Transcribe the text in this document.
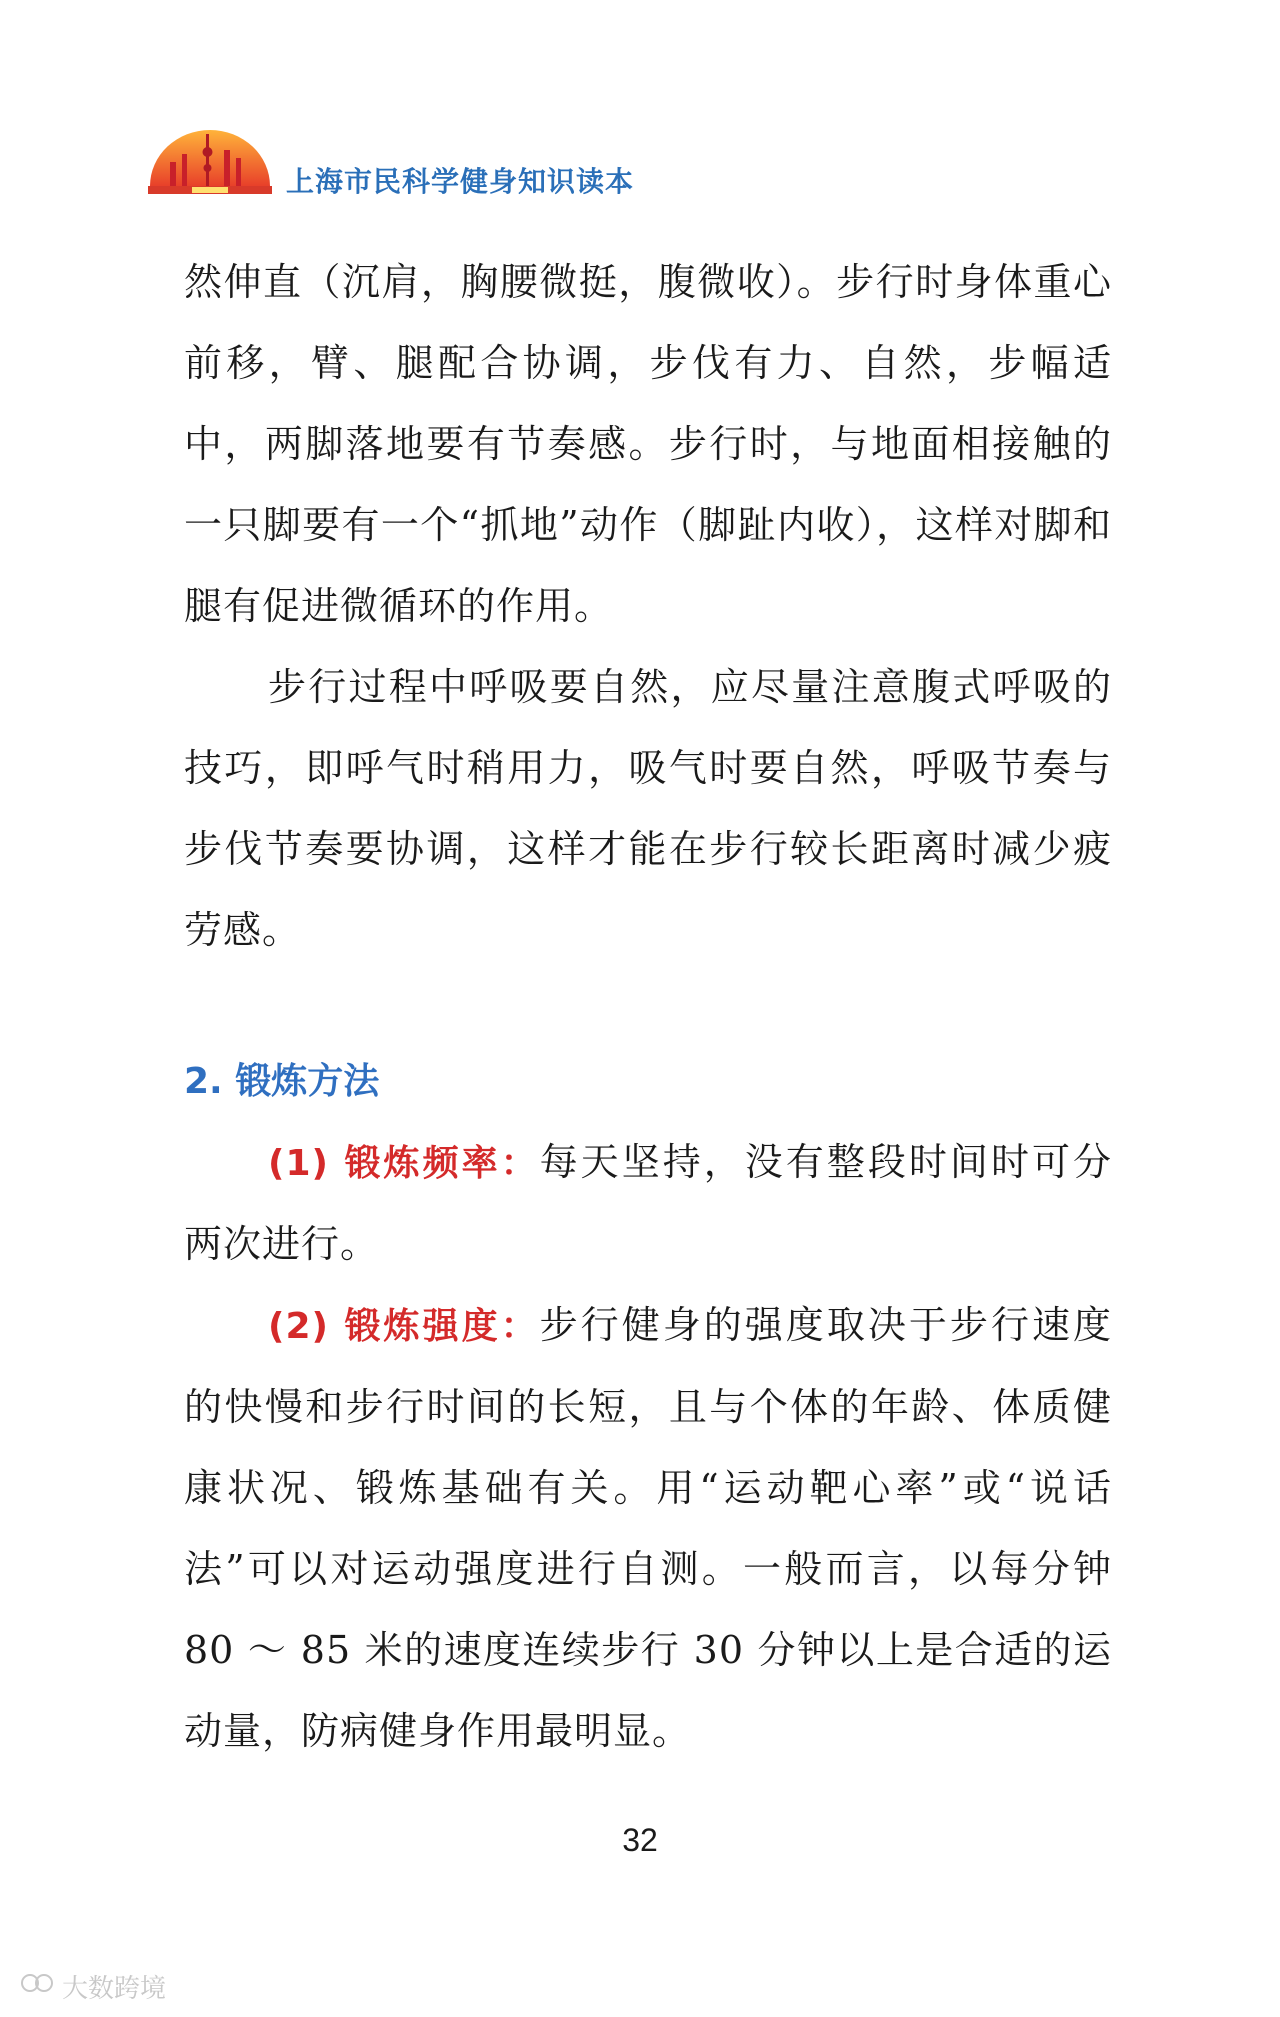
上海市民科学健身知识读本

然伸直（沉肩，胸腰微挺，腹微收）。步行时身体重心前移，臂、腿配合协调，步伐有力、自然，步幅适中，两脚落地要有节奏感。步行时，与地面相接触的一只脚要有一个“抓地”动作（脚趾内收），这样对脚和腿有促进微循环的作用。

步行过程中呼吸要自然，应尽量注意腹式呼吸的技巧，即呼气时稍用力，吸气时要自然，呼吸节奏与步伐节奏要协调，这样才能在步行较长距离时减少疲劳感。

2. 锻炼方法

(1) 锻炼频率：每天坚持，没有整段时间时可分两次进行。

(2) 锻炼强度：步行健身的强度取决于步行速度的快慢和步行时间的长短，且与个体的年龄、体质健康状况、锻炼基础有关。用“运动靶心率”或“说话法”可以对运动强度进行自测。一般而言，以每分钟 80 ～ 85 米的速度连续步行 30 分钟以上是合适的运动量，防病健身作用最明显。

32
大数跨境
